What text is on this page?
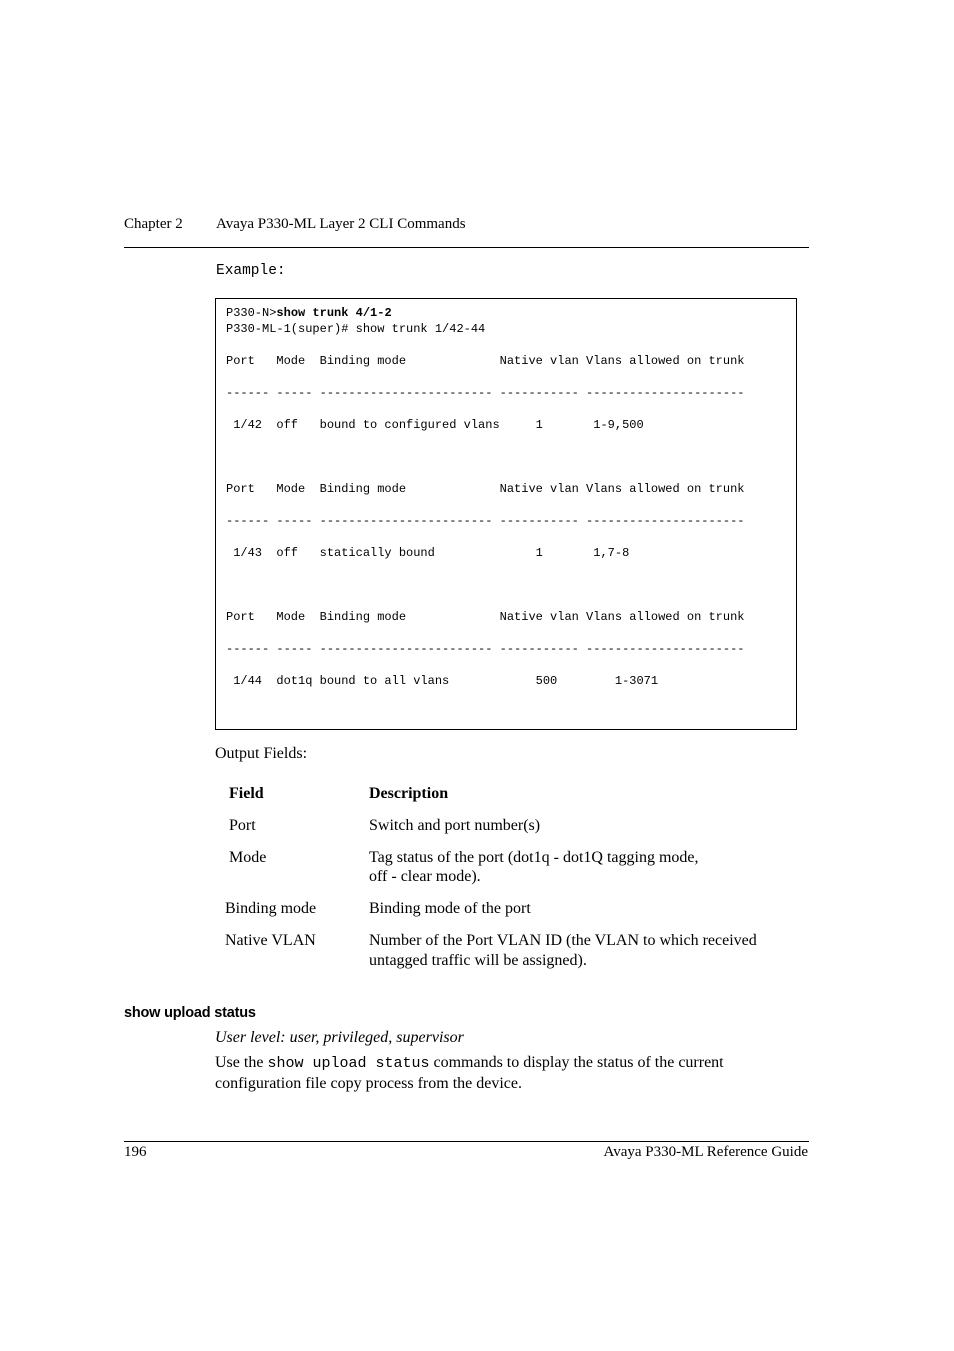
Chapter 2 Avaya P330-ML Layer 2 CLI Commands
Example:
P330-N>show trunk 4/1-2
P330-ML-1(super)# show trunk 1/42-44
Port   Mode  Binding mode             Native vlan Vlans allowed on trunk
------ ----- ------------------------ ----------- ----------------------
1/42  off   bound to configured vlans     1       1-9,500
Port   Mode  Binding mode             Native vlan Vlans allowed on trunk
------ ----- ------------------------ ----------- ----------------------
1/43  off   statically bound              1       1,7-8
Port   Mode  Binding mode             Native vlan Vlans allowed on trunk
------ ----- ------------------------ ----------- ----------------------
1/44  dot1q bound to all vlans            500        1-3071
Output Fields:
Field	Description
Port	Switch and port number(s)
Mode	Tag status of the port (dot1q - dot1Q tagging mode,
off - clear mode).
Binding mode	Binding mode of the port
Native VLAN	Number of the Port VLAN ID (the VLAN to which received
untagged traffic will be assigned).
show upload status
User level: user, privileged, supervisor
Use the show upload status commands to display the status of the current
configuration file copy process from the device.
196	Avaya P330-ML Reference Guide
